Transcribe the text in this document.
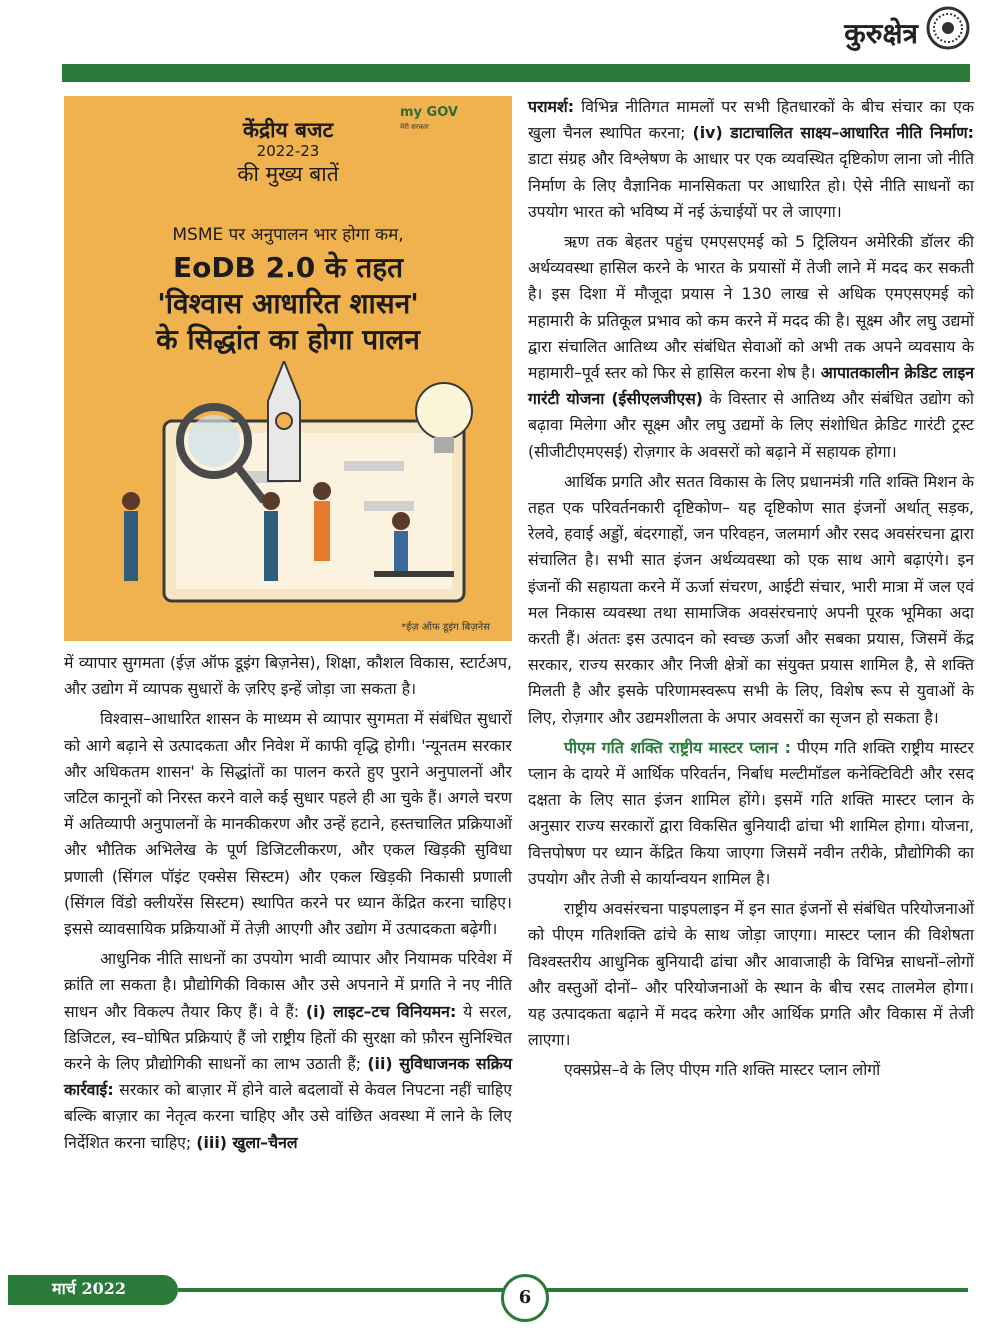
कुरुक्षेत्र
केंद्रीय बजट
2022-23
की मुख्य बातें
my GOV
मेरी सरकार
MSME पर अनुपालन भार होगा कम,
EoDB 2.0 के तहत
'विश्वास आधारित शासन'
के सिद्धांत का होगा पालन
*ईज़ ऑफ डूइंग बिज़नेस

में व्यापार सुगमता (ईज़ ऑफ डूइंग बिज़नेस), शिक्षा, कौशल विकास, स्टार्टअप, और उद्योग में व्यापक सुधारों के ज़रिए इन्हें जोड़ा जा सकता है।

विश्वास–आधारित शासन के माध्यम से व्यापार सुगमता में संबंधित सुधारों को आगे बढ़ाने से उत्पादकता और निवेश में काफी वृद्धि होगी। 'न्यूनतम सरकार और अधिकतम शासन' के सिद्धांतों का पालन करते हुए पुराने अनुपालनों और जटिल कानूनों को निरस्त करने वाले कई सुधार पहले ही आ चुके हैं। अगले चरण में अतिव्यापी अनुपालनों के मानकीकरण और उन्हें हटाने, हस्तचालित प्रक्रियाओं और भौतिक अभिलेख के पूर्ण डिजिटलीकरण, और एकल खिड़की सुविधा प्रणाली (सिंगल पॉइंट एक्सेस सिस्टम) और एकल खिड़की निकासी प्रणाली (सिंगल विंडो क्लीयरेंस सिस्टम) स्थापित करने पर ध्यान केंद्रित करना चाहिए। इससे व्यावसायिक प्रक्रियाओं में तेज़ी आएगी और उद्योग में उत्पादकता बढ़ेगी।

आधुनिक नीति साधनों का उपयोग भावी व्यापार और नियामक परिवेश में क्रांति ला सकता है। प्रौद्योगिकी विकास और उसे अपनाने में प्रगति ने नए नीति साधन और विकल्प तैयार किए हैं। वे हैं: (i) लाइट–टच विनियमन: ये सरल, डिजिटल, स्व–घोषित प्रक्रियाएं हैं जो राष्ट्रीय हितों की सुरक्षा को फ़ौरन सुनिश्चित करने के लिए प्रौद्योगिकी साधनों का लाभ उठाती हैं; (ii) सुविधाजनक सक्रिय कार्रवाई: सरकार को बाज़ार में होने वाले बदलावों से केवल निपटना नहीं चाहिए बल्कि बाज़ार का नेतृत्व करना चाहिए और उसे वांछित अवस्था में लाने के लिए निर्देशित करना चाहिए; (iii) खुला–चैनल

परामर्श: विभिन्न नीतिगत मामलों पर सभी हितधारकों के बीच संचार का एक खुला चैनल स्थापित करना; (iv) डाटाचालित साक्ष्य–आधारित नीति निर्माण: डाटा संग्रह और विश्लेषण के आधार पर एक व्यवस्थित दृष्टिकोण लाना जो नीति निर्माण के लिए वैज्ञानिक मानसिकता पर आधारित हो। ऐसे नीति साधनों का उपयोग भारत को भविष्य में नई ऊंचाईयों पर ले जाएगा।

ऋण तक बेहतर पहुंच एमएसएमई को 5 ट्रिलियन अमेरिकी डॉलर की अर्थव्यवस्था हासिल करने के भारत के प्रयासों में तेजी लाने में मदद कर सकती है। इस दिशा में मौजूदा प्रयास ने 130 लाख से अधिक एमएसएमई को महामारी के प्रतिकूल प्रभाव को कम करने में मदद की है। सूक्ष्म और लघु उद्यमों द्वारा संचालित आतिथ्य और संबंधित सेवाओं को अभी तक अपने व्यवसाय के महामारी–पूर्व स्तर को फिर से हासिल करना शेष है। आपातकालीन क्रेडिट लाइन गारंटी योजना (ईसीएलजीएस) के विस्तार से आतिथ्य और संबंधित उद्योग को बढ़ावा मिलेगा और सूक्ष्म और लघु उद्यमों के लिए संशोधित क्रेडिट गारंटी ट्रस्ट (सीजीटीएमएसई) रोज़गार के अवसरों को बढ़ाने में सहायक होगा।

आर्थिक प्रगति और सतत विकास के लिए प्रधानमंत्री गति शक्ति मिशन के तहत एक परिवर्तनकारी दृष्टिकोण– यह दृष्टिकोण सात इंजनों अर्थात् सड़क, रेलवे, हवाई अड्डों, बंदरगाहों, जन परिवहन, जलमार्ग और रसद अवसंरचना द्वारा संचालित है। सभी सात इंजन अर्थव्यवस्था को एक साथ आगे बढ़ाएंगे। इन इंजनों की सहायता करने में ऊर्जा संचरण, आईटी संचार, भारी मात्रा में जल एवं मल निकास व्यवस्था तथा सामाजिक अवसंरचनाएं अपनी पूरक भूमिका अदा करती हैं। अंततः इस उत्पादन को स्वच्छ ऊर्जा और सबका प्रयास, जिसमें केंद्र सरकार, राज्य सरकार और निजी क्षेत्रों का संयुक्त प्रयास शामिल है, से शक्ति मिलती है और इसके परिणामस्वरूप सभी के लिए, विशेष रूप से युवाओं के लिए, रोज़गार और उद्यमशीलता के अपार अवसरों का सृजन हो सकता है।

पीएम गति शक्ति राष्ट्रीय मास्टर प्लान : पीएम गति शक्ति राष्ट्रीय मास्टर प्लान के दायरे में आर्थिक परिवर्तन, निर्बाध मल्टीमॉडल कनेक्टिविटी और रसद दक्षता के लिए सात इंजन शामिल होंगे। इसमें गति शक्ति मास्टर प्लान के अनुसार राज्य सरकारों द्वारा विकसित बुनियादी ढांचा भी शामिल होगा। योजना, वित्तपोषण पर ध्यान केंद्रित किया जाएगा जिसमें नवीन तरीके, प्रौद्योगिकी का उपयोग और तेजी से कार्यान्वयन शामिल है।

राष्ट्रीय अवसंरचना पाइपलाइन में इन सात इंजनों से संबंधित परियोजनाओं को पीएम गतिशक्ति ढांचे के साथ जोड़ा जाएगा। मास्टर प्लान की विशेषता विश्वस्तरीय आधुनिक बुनियादी ढांचा और आवाजाही के विभिन्न साधनों–लोगों और वस्तुओं दोनों– और परियोजनाओं के स्थान के बीच रसद तालमेल होगा। यह उत्पादकता बढ़ाने में मदद करेगा और आर्थिक प्रगति और विकास में तेजी लाएगा।

एक्सप्रेस–वे के लिए पीएम गति शक्ति मास्टर प्लान लोगों

मार्च 2022	6
